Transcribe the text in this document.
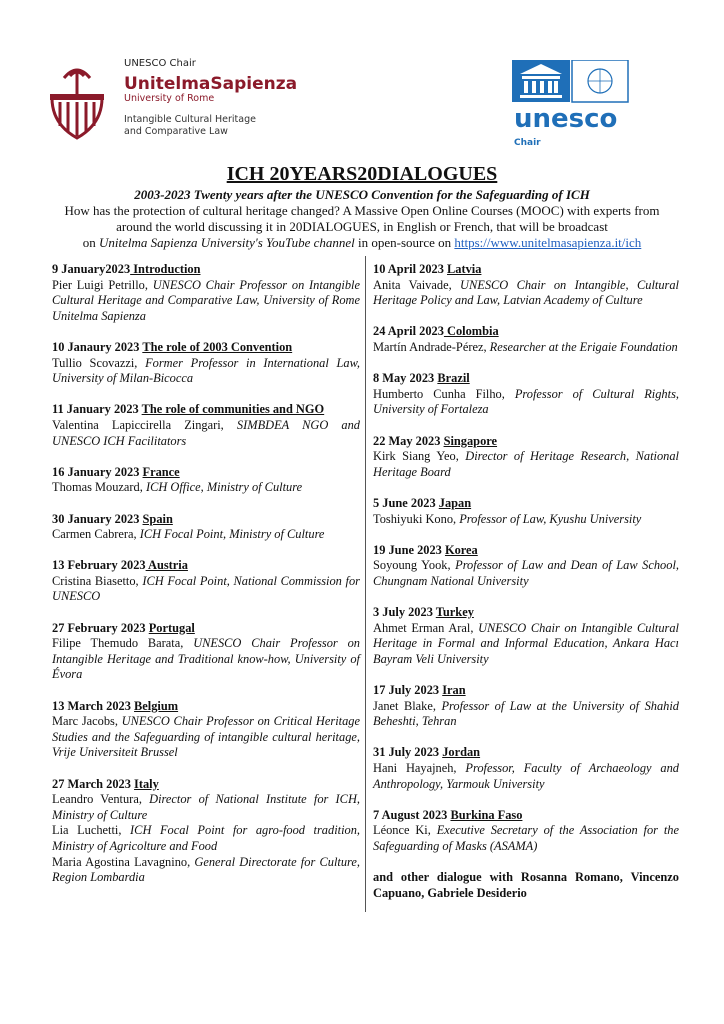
UNESCO Chair
UnitelmaSapienza
University of Rome
Intangible Cultural Heritage
and Comparative Law	unesco
Chair
ICH 20YEARS20DIALOGUES
2003-2023 Twenty years after the UNESCO Convention for the Safeguarding of ICH
How has the protection of cultural heritage changed? A Massive Open Online Courses (MOOC) with experts from
around the world discussing it in 20DIALOGUES, in English or French, that will be broadcast
on Unitelma Sapienza University's YouTube channel in open-source on https://www.unitelmasapienza.it/ich

9 January2023 Introduction

Pier Luigi Petrillo, UNESCO Chair Professor on Intangible Cultural Heritage and Comparative Law, University of Rome Unitelma Sapienza

10 Janaury 2023 The role of 2003 Convention

Tullio Scovazzi, Former Professor in International Law, University of Milan-Bicocca

11 January 2023 The role of communities and NGO

Valentina Lapiccirella Zingari, SIMBDEA NGO and UNESCO ICH Facilitators

16 January 2023 France

Thomas Mouzard, ICH Office, Ministry of Culture

30 January 2023 Spain

Carmen Cabrera, ICH Focal Point, Ministry of Culture

13 February 2023 Austria

Cristina Biasetto, ICH Focal Point, National Commission for UNESCO

27 February 2023 Portugal

Filipe Themudo Barata, UNESCO Chair Professor on Intangible Heritage and Traditional know-how, University of Évora

13 March 2023 Belgium

Marc Jacobs, UNESCO Chair Professor on Critical Heritage Studies and the Safeguarding of intangible cultural heritage, Vrije Universiteit Brussel

27 March 2023 Italy

Leandro Ventura, Director of National Institute for ICH, Ministry of Culture

Lia Luchetti, ICH Focal Point for agro-food tradition, Ministry of Agricolture and Food

Maria Agostina Lavagnino, General Directorate for Culture, Region Lombardia

10 April 2023 Latvia

Anita Vaivade, UNESCO Chair on Intangible, Cultural Heritage Policy and Law, Latvian Academy of Culture

24 April 2023 Colombia

Martín Andrade-Pérez, Researcher at the Erigaie Foundation

8 May 2023 Brazil

Humberto Cunha Filho, Professor of Cultural Rights, University of Fortaleza

22 May 2023 Singapore

Kirk Siang Yeo, Director of Heritage Research, National Heritage Board

5 June 2023 Japan

Toshiyuki Kono, Professor of Law, Kyushu University

19 June 2023 Korea

Soyoung Yook, Professor of Law and Dean of Law School, Chungnam National University

3 July 2023 Turkey

Ahmet Erman Aral, UNESCO Chair on Intangible Cultural Heritage in Formal and Informal Education, Ankara Hacı Bayram Veli University

17 July 2023 Iran

Janet Blake, Professor of Law at the University of Shahid Beheshti, Tehran

31 July 2023 Jordan

Hani Hayajneh, Professor, Faculty of Archaeology and Anthropology, Yarmouk University

7 August 2023 Burkina Faso

Léonce Ki, Executive Secretary of the Association for the Safeguarding of Masks (ASAMA)

and other dialogue with Rosanna Romano, Vincenzo Capuano, Gabriele Desiderio
